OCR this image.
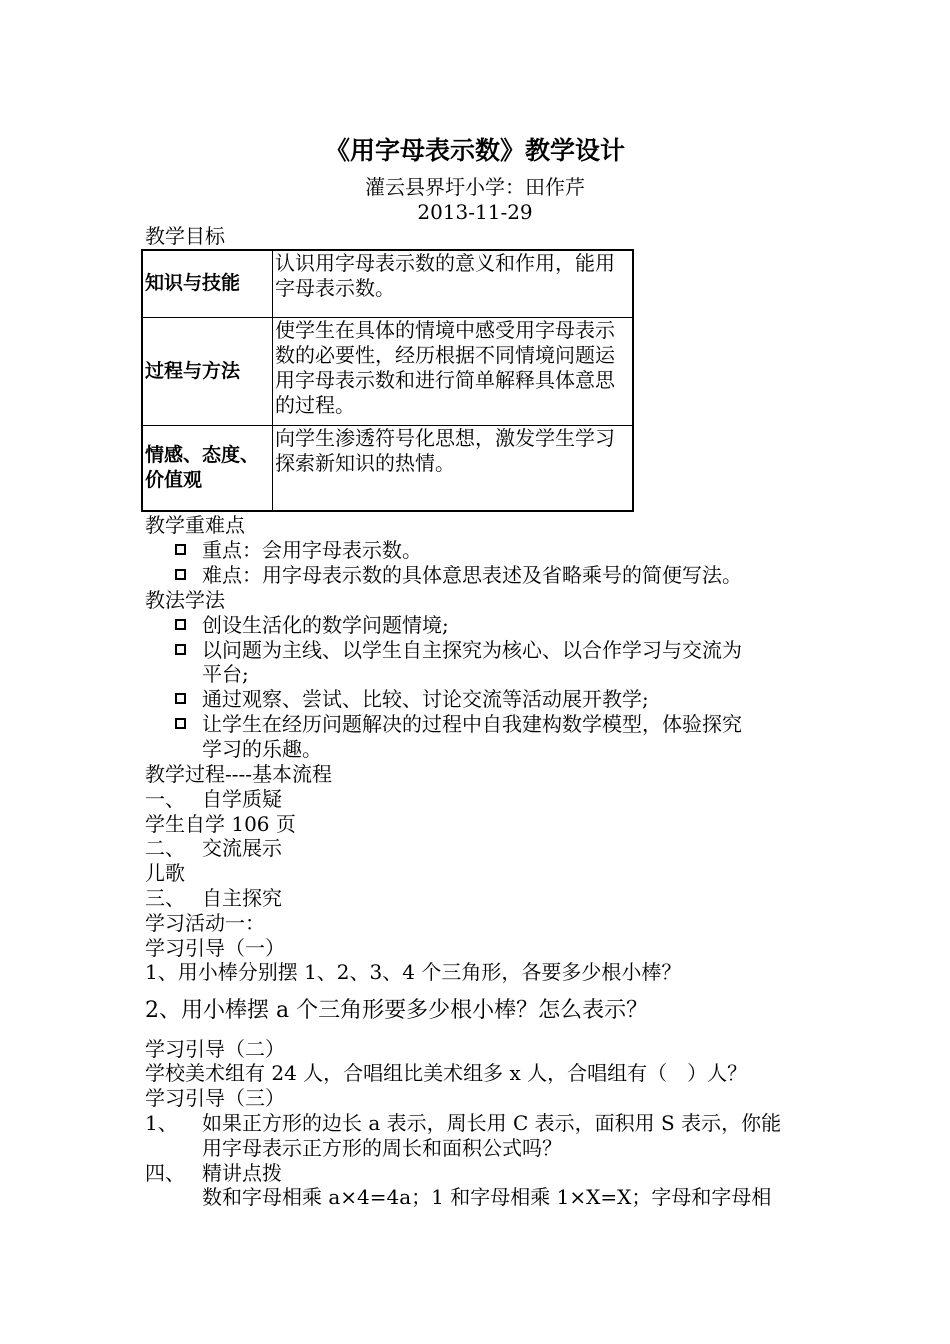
《用字母表示数》教学设计
灌云县界圩小学：田作芹
2013-11-29
教学目标
知识与技能	认识用字母表示数的意义和作用，能用字母表示数。
过程与方法	使学生在具体的情境中感受用字母表示数的必要性，经历根据不同情境问题运用字母表示数和进行简单解释具体意思的过程。
情感、态度、价值观	向学生渗透符号化思想，激发学生学习探索新知识的热情。
教学重难点
重点：会用字母表示数。
难点：用字母表示数的具体意思表述及省略乘号的简便写法。
教法学法
创设生活化的数学问题情境;
以问题为主线、以学生自主探究为核心、以合作学习与交流为
平台;
通过观察、尝试、比较、讨论交流等活动展开教学;
让学生在经历问题解决的过程中自我建构数学模型，体验探究
学习的乐趣。
教学过程----基本流程
一、 自学质疑
学生自学 106 页
二、 交流展示
儿歌
三、 自主探究
学习活动一：
学习引导（一）
1、用小棒分别摆 1、2、3、4 个三角形，各要多少根小棒？
2、用小棒摆 a 个三角形要多少根小棒？怎么表示？
学习引导（二）
学校美术组有 24 人，合唱组比美术组多 x 人，合唱组有（　）人？
学习引导（三）
1、 如果正方形的边长 a 表示，周长用 C 表示，面积用 S 表示，你能
用字母表示正方形的周长和面积公式吗？
四、 精讲点拨
数和字母相乘 a×4=4a；1 和字母相乘 1×X=X；字母和字母相
